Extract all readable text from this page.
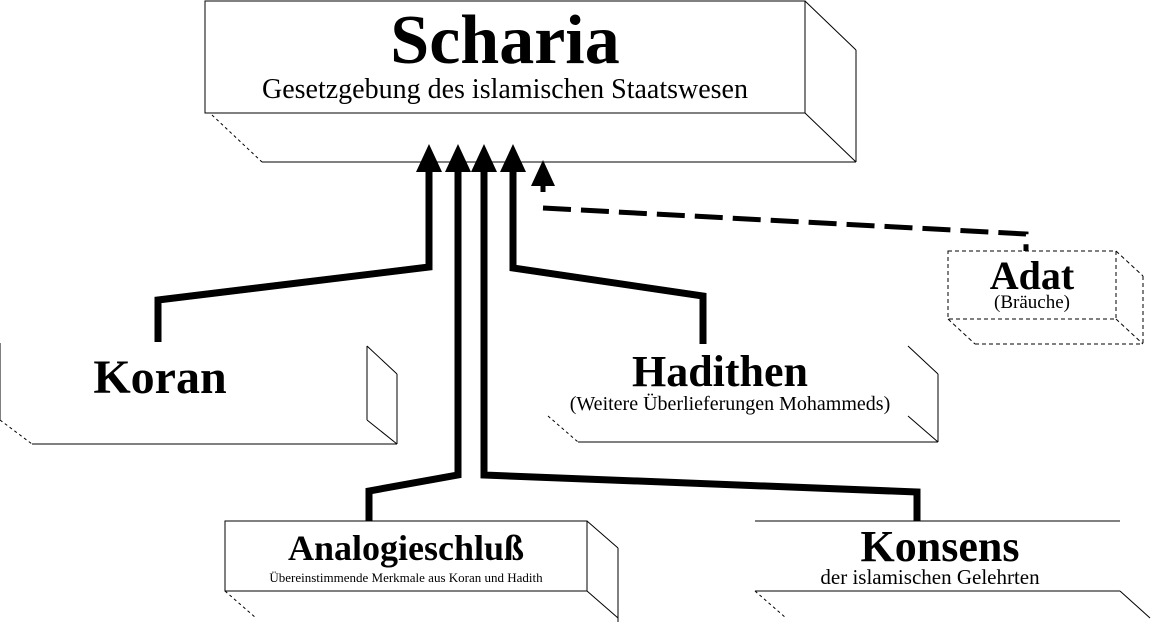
Scharia
Gesetzgebung des islamischen Staatswesen
Koran	Hadithen
(Weitere Überlieferungen Mohammeds)
Analogieschluß
Übereinstimmende Merkmale aus Koran und Hadith
Konsens
der islamischen Gelehrten
Adat
(Bräuche)
